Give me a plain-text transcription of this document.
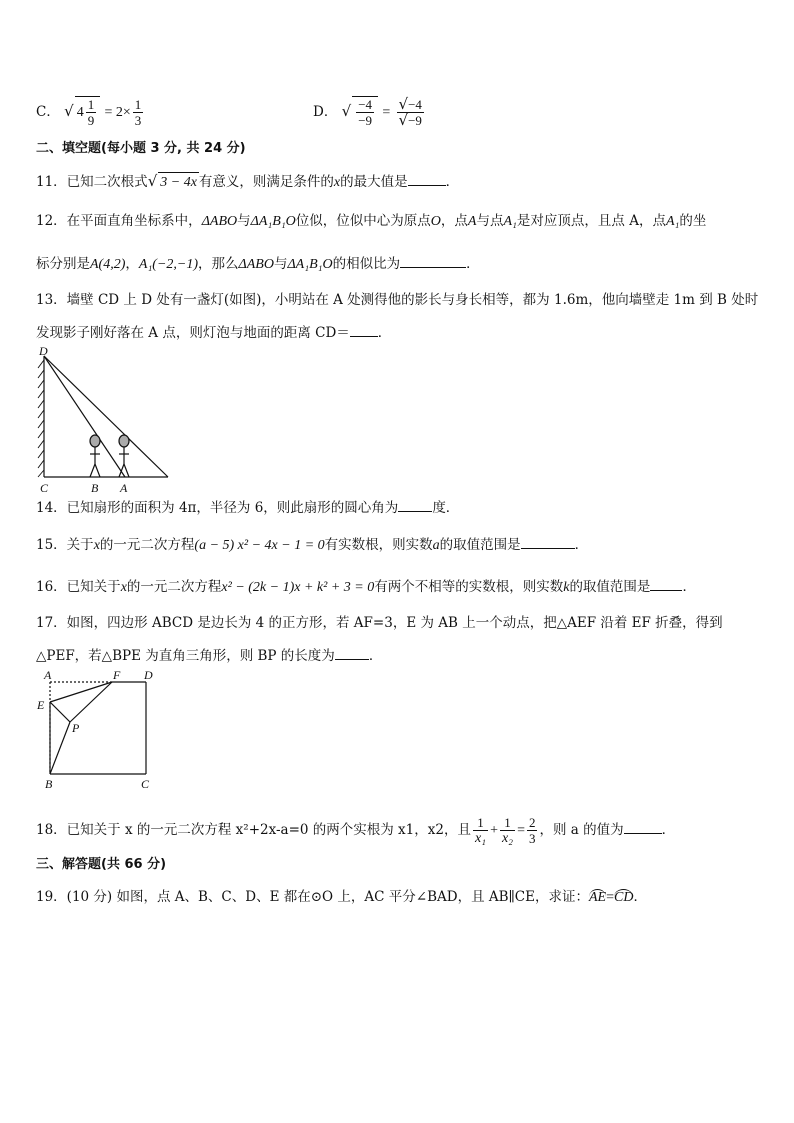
C． √ $4 \frac{1}{9} = 2\times \frac{1}{3}$	D． √ $\frac{-4}{-9} = \frac{√-4}{√-9}$
二、填空题(每小题 3 分, 共 24 分)
11．已知二次根式√ 3 − 4x 有意义，则满足条件的x的最大值是	．
12．在平面直角坐标系中，ΔABO与ΔA₁B₁O位似，位似中心为原点O，点A与点A₁是对应顶点，且点 A，点A₁的坐
标分别是A(4,2)，A₁(−2,−1)，那么ΔABO与ΔA₁B₁O的相似比为	．
13．墙壁 CD 上 D 处有一盏灯(如图)，小明站在 A 处测得他的影长与身长相等，都为 1.6m，他向墙壁走 1m 到 B 处时
发现影子刚好落在 A 点，则灯泡与地面的距离 CD＝ ．
D
C	B A
14．已知扇形的面积为 4π，半径为 6，则此扇形的圆心角为	度．
15．关于x的一元二次方程(a − 5) x² − 4x − 1 = 0有实数根，则实数a的取值范围是	．
16．已知关于x的一元二次方程x² − (2k − 1)x + k² + 3 = 0有两个不相等的实数根，则实数k的取值范围是 ．
17．如图，四边形 ABCD 是边长为 4 的正方形，若 AF=3，E 为 AB 上一个动点，把△AEF 沿着 EF 折叠，得到
△PEF，若△BPE 为直角三角形，则 BP 的长度为	．
A	F D
E
P
B	C
18．已知关于 x 的一元二次方程 x²+2x-a=0 的两个实根为 x1，x2，且 $\frac{1}{\text{x₁}} + \frac{1}{\text{x₂}} = \frac{2}{3}$ ，则 a 的值为	．
三、解答题(共 66 分)
19．(10 分) 如图，点 A、B、C、D、E 都在⊙O 上，AC 平分∠BAD，且 AB∥CE，求证：AE=CD．
